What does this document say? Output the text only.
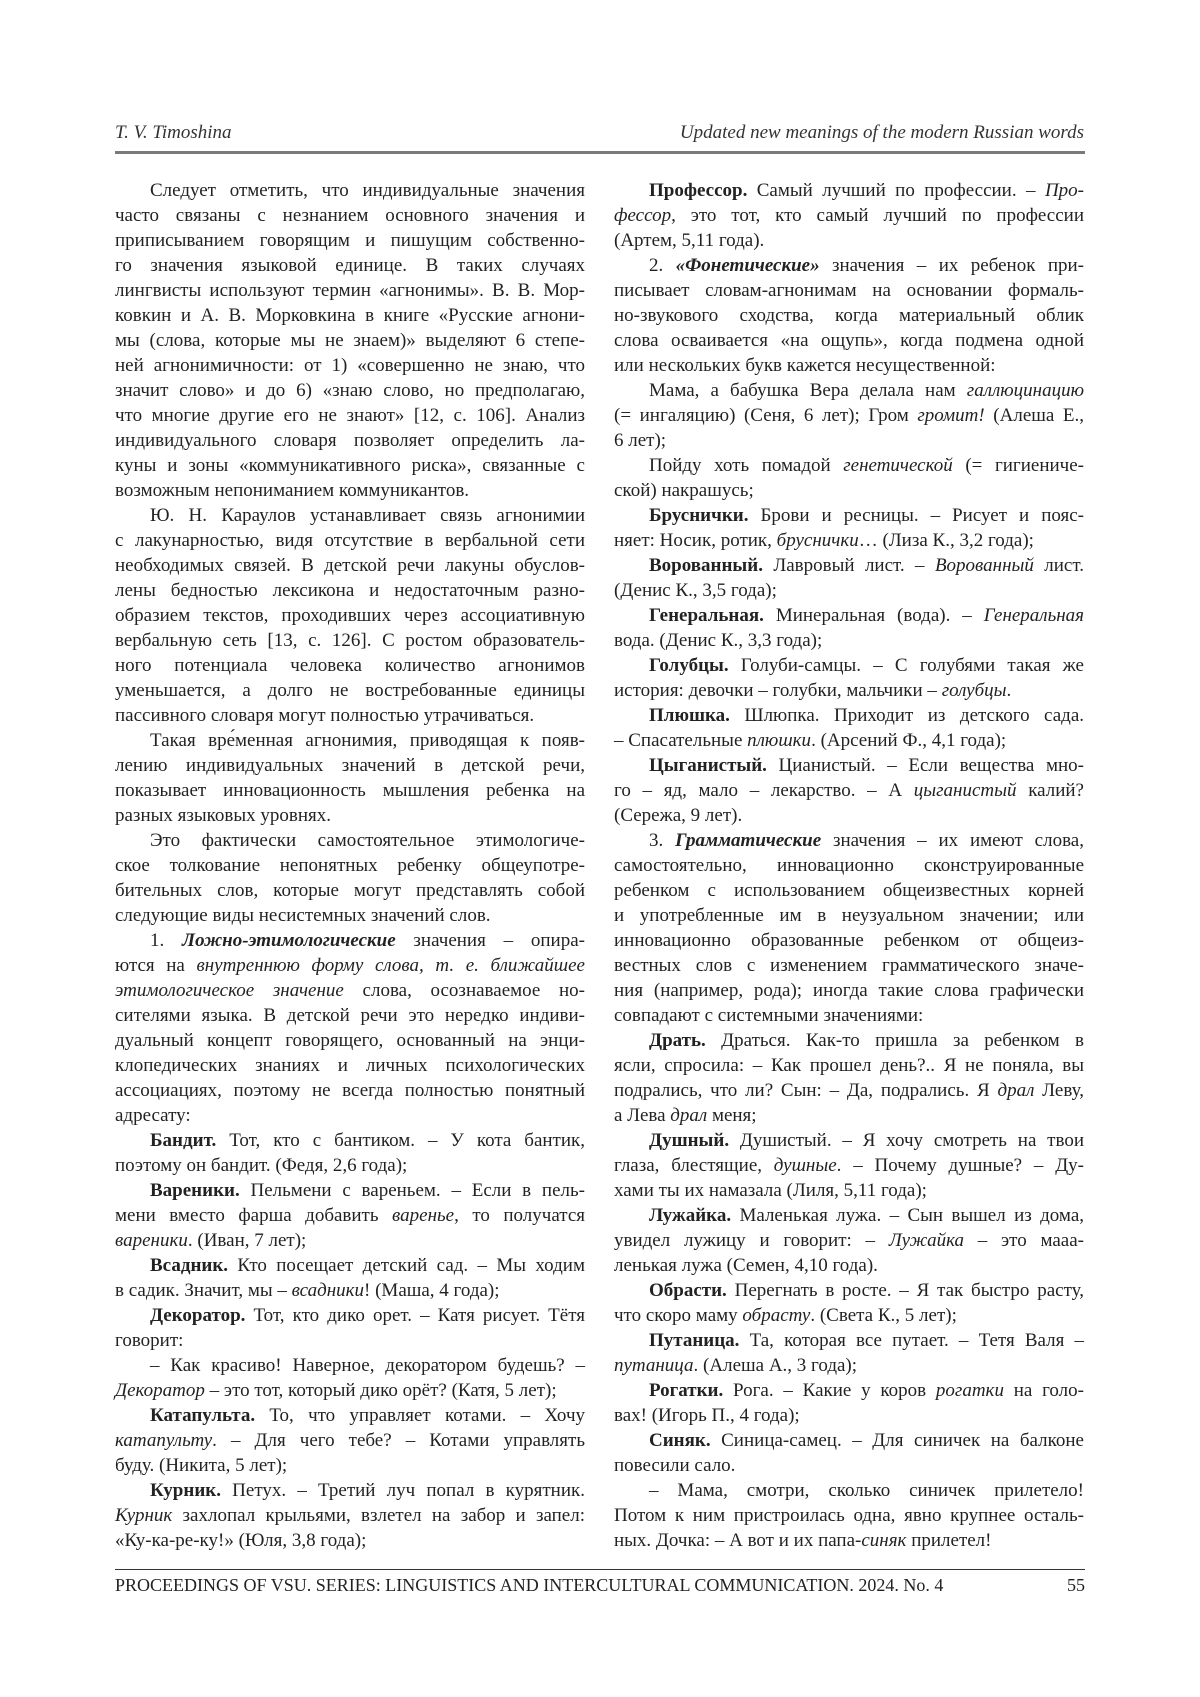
T. V. Timoshina	Updated new meanings of the modern Russian words
Следует отметить, что индивидуальные значения
часто связаны с незнанием основного значения и
приписыванием говорящим и пишущим собственно-
го значения языковой единице. В таких случаях
лингвисты используют термин «агнонимы». В. В. Мор-
ковкин и А. В. Морковкина в книге «Русские агнони-
мы (слова, которые мы не знаем)» выделяют 6 степе-
ней агнонимичности: от 1) «совершенно не знаю, что
значит слово» и до 6) «знаю слово, но предполагаю,
что многие другие его не знают» [12, с. 106]. Анализ
индивидуального словаря позволяет определить ла-
куны и зоны «коммуникативного риска», связанные с
возможным непониманием коммуникантов.
Ю. Н. Караулов устанавливает связь агнонимии
с лакунарностью, видя отсутствие в вербальной сети
необходимых связей. В детской речи лакуны обуслов-
лены бедностью лексикона и недостаточным разно-
образием текстов, проходивших через ассоциативную
вербальную сеть [13, с. 126]. С ростом образователь-
ного потенциала человека количество агнонимов
уменьшается, а долго не востребованные единицы
пассивного словаря могут полностью утрачиваться.
Такая вре́менная агнонимия, приводящая к появ-
лению индивидуальных значений в детской речи,
показывает инновационность мышления ребенка на
разных языковых уровнях.
Это фактически самостоятельное этимологиче-
ское толкование непонятных ребенку общеупотре-
бительных слов, которые могут представлять собой
следующие виды несистемных значений слов.
1. Ложно-этимологические значения – опира-
ются на внутреннюю форму слова, т. е. ближайшее
этимологическое значение слова, осознаваемое но-
сителями языка. В детской речи это нередко индиви-
дуальный концепт говорящего, основанный на энци-
клопедических знаниях и личных психологических
ассоциациях, поэтому не всегда полностью понятный
адресату:
Бандит. Тот, кто с бантиком. – У кота бантик,
поэтому он бандит. (Федя, 2,6 года);
Вареники. Пельмени с вареньем. – Если в пель-
мени вместо фарша добавить варенье, то получатся
вареники. (Иван, 7 лет);
Всадник. Кто посещает детский сад. – Мы ходим
в садик. Значит, мы – всадники! (Маша, 4 года);
Декоратор. Тот, кто дико орет. – Катя рисует. Тётя
говорит:
– Как красиво! Наверное, декоратором будешь? –
Декоратор – это тот, который дико орёт? (Катя, 5 лет);
Катапульта. То, что управляет котами. – Хочу
катапульту. – Для чего тебе? – Котами управлять
буду. (Никита, 5 лет);
Курник. Петух. – Третий луч попал в курятник.
Курник захлопал крыльями, взлетел на забор и запел:
«Ку-ка-ре-ку!» (Юля, 3,8 года);
Профессор. Самый лучший по профессии. – Про-
фессор, это тот, кто самый лучший по профессии
(Артем, 5,11 года).
2. «Фонетические» значения – их ребенок при-
писывает словам-агнонимам на основании формаль-
но-звукового сходства, когда материальный облик
слова осваивается «на ощупь», когда подмена одной
или нескольких букв кажется несущественной:
Мама, а бабушка Вера делала нам галлюцинацию
(= ингаляцию) (Сеня, 6 лет); Гром громит! (Алеша Е.,
6 лет);
Пойду хоть помадой генетической (= гигиениче-
ской) накрашусь;
Бруснички. Брови и ресницы. – Рисует и пояс-
няет: Носик, ротик, бруснички… (Лиза К., 3,2 года);
Ворованный. Лавровый лист. – Ворованный лист.
(Денис К., 3,5 года);
Генеральная. Минеральная (вода). – Генеральная
вода. (Денис К., 3,3 года);
Голубцы. Голуби-самцы. – С голубями такая же
история: девочки – голубки, мальчики – голубцы.
Плюшка. Шлюпка. Приходит из детского сада.
– Спасательные плюшки. (Арсений Ф., 4,1 года);
Цыганистый. Цианистый. – Если вещества мно-
го – яд, мало – лекарство. – А цыганистый калий?
(Сережа, 9 лет).
3. Грамматические значения – их имеют слова,
самостоятельно, инновационно сконструированные
ребенком с использованием общеизвестных корней
и употребленные им в неузуальном значении; или
инновационно образованные ребенком от общеиз-
вестных слов с изменением грамматического значе-
ния (например, рода); иногда такие слова графически
совпадают с системными значениями:
Драть. Драться. Как-то пришла за ребенком в
ясли, спросила: – Как прошел день?.. Я не поняла, вы
подрались, что ли? Сын: – Да, подрались. Я драл Леву,
а Лева драл меня;
Душный. Душистый. – Я хочу смотреть на твои
глаза, блестящие, душные. – Почему душные? – Ду-
хами ты их намазала (Лиля, 5,11 года);
Лужайка. Маленькая лужа. – Сын вышел из дома,
увидел лужицу и говорит: – Лужайка – это мааа-
ленькая лужа (Семен, 4,10 года).
Обрасти. Перегнать в росте. – Я так быстро расту,
что скоро маму обрасту. (Света К., 5 лет);
Путаница. Та, которая все путает. – Тетя Валя –
путаница. (Алеша А., 3 года);
Рогатки. Рога. – Какие у коров рогатки на голо-
вах! (Игорь П., 4 года);
Синяк. Синица-самец. – Для синичек на балконе
повесили сало.
– Мама, смотри, сколько синичек прилетело!
Потом к ним пристроилась одна, явно крупнее осталь-
ных. Дочка: – А вот и их папа-синяк прилетел!
PROCEEDINGS OF VSU. SERIES: LINGUISTICS AND INTERCULTURAL COMMUNICATION. 2024. No. 4	55
